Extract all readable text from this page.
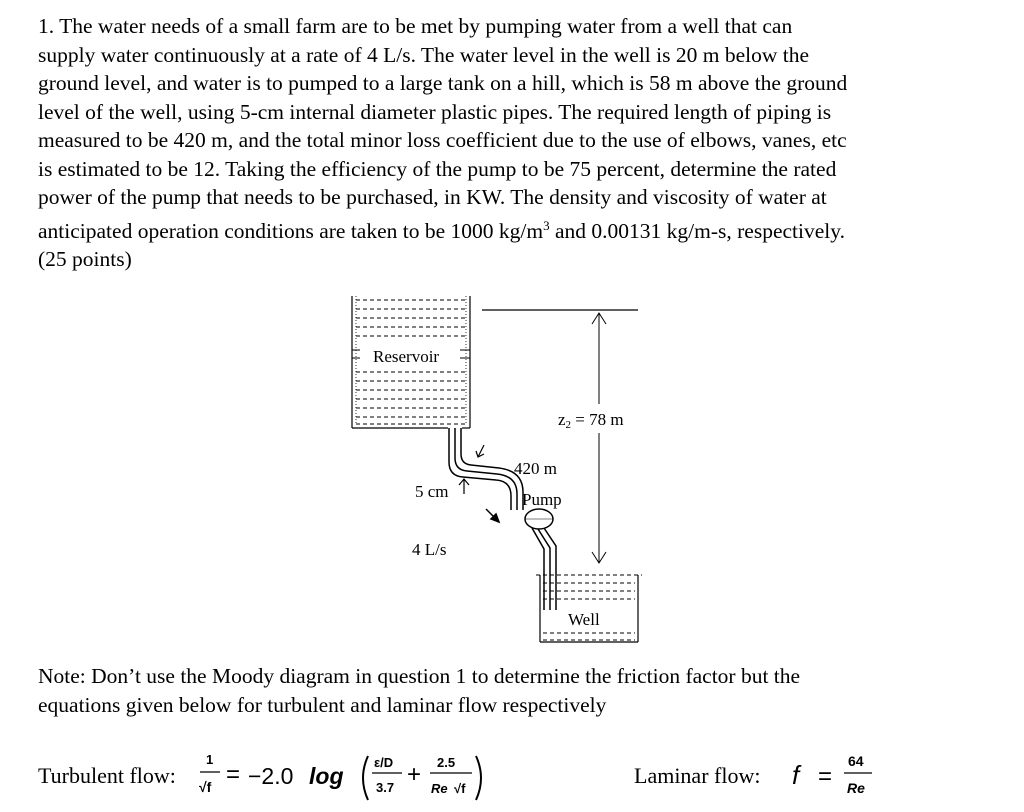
1. The water needs of a small farm are to be met by pumping water from a well that can
supply water continuously at a rate of 4 L/s. The water level in the well is 20 m below the
ground level, and water is to pumped to a large tank on a hill, which is 58 m above the ground
level of the well, using 5-cm internal diameter plastic pipes. The required length of piping is
measured to be 420 m, and the total minor loss coefficient due to the use of elbows, vanes, etc
is estimated to be 12. Taking the efficiency of the pump to be 75 percent, determine the rated
power of the pump that needs to be purchased, in KW. The density and viscosity of water at
anticipated operation conditions are taken to be 1000 $kg/m^3$ and 0.00131 kg/m-s, respectively.
(25 points)
Reservoir
z2 = 78 m
Well
420 m
Pump
5 cm
4 L/s
Note: Don’t use the Moody diagram in question 1 to determine the friction factor but the
equations given below for turbulent and laminar flow respectively
Turbulent flow:
1
√f = −2.0 log
ε/D
3.7 + 2.5
Re √f
Laminar flow: f =
64
Re
